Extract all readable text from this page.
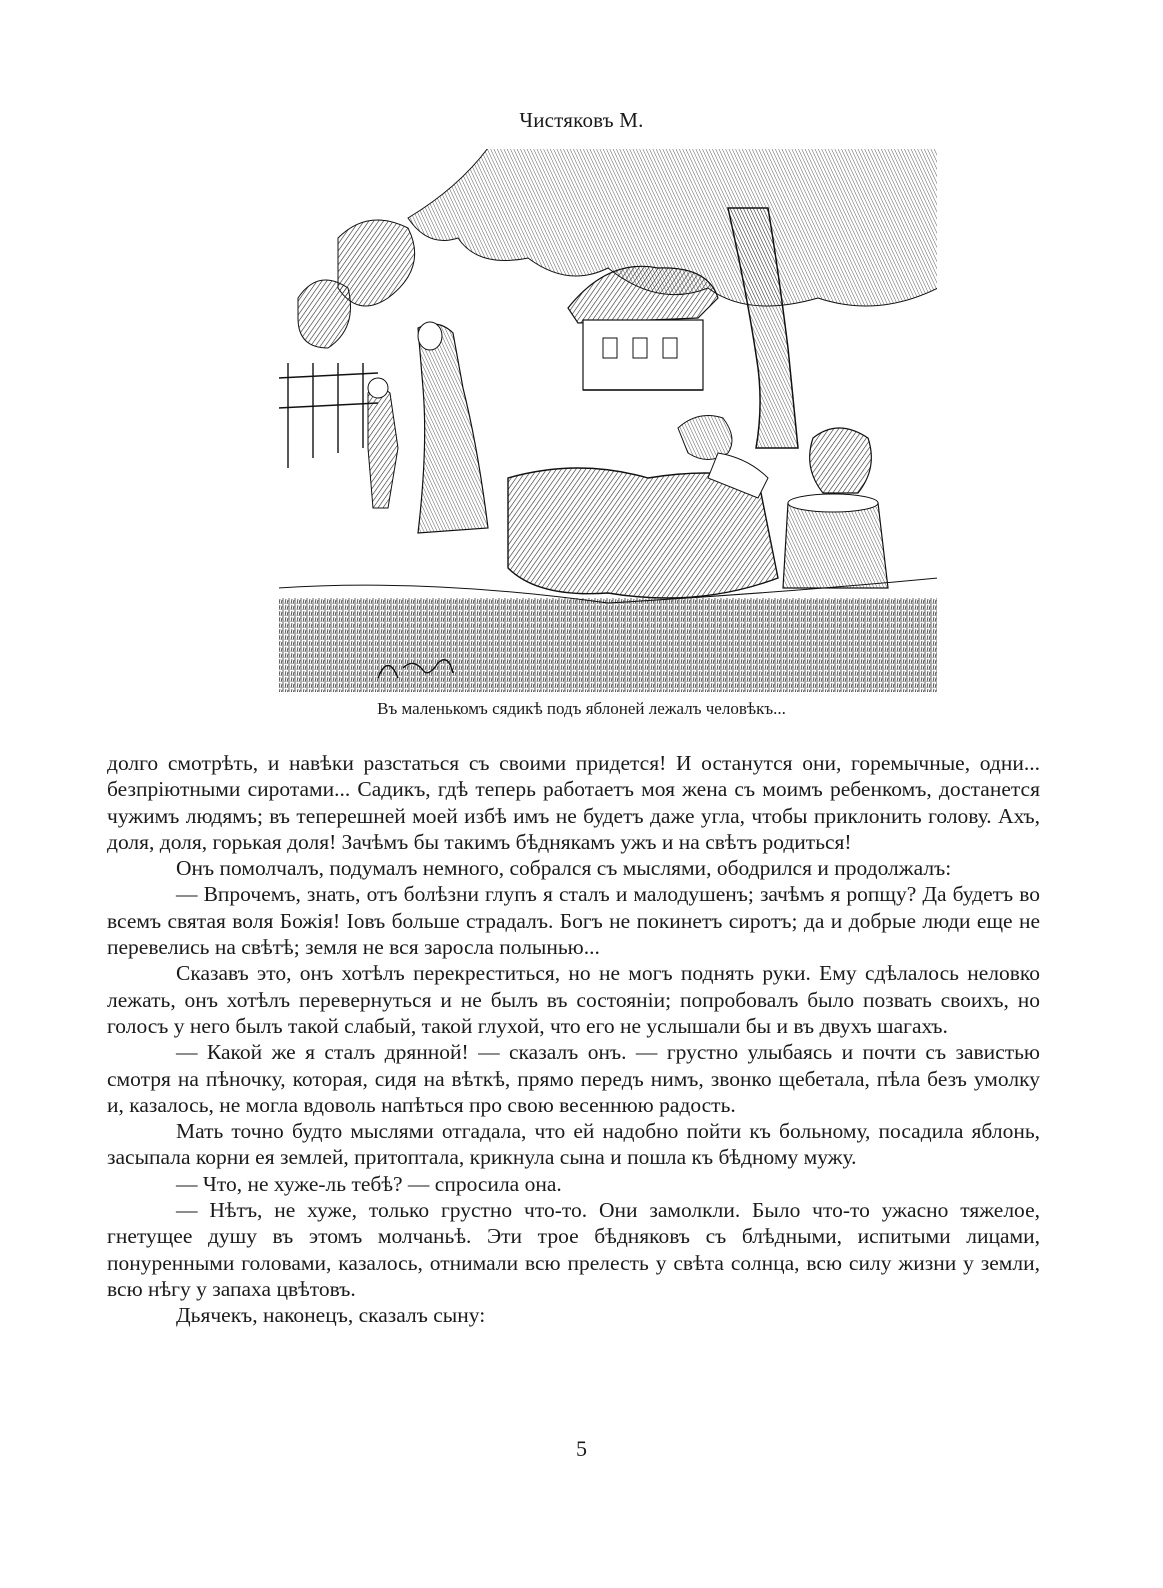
Чистяковъ М.
Въ маленькомъ сядикѣ подъ яблоней лежалъ человѣкъ...

долго смотрѣть, и навѣки разстаться съ своими придется! И останутся они, горемычные, одни... безпріютными сиротами... Садикъ, гдѣ теперь работаетъ моя жена съ моимъ ребенкомъ, достанется чужимъ людямъ; въ теперешней моей избѣ имъ не будетъ даже угла, чтобы приклонить голову. Ахъ, доля, доля, горькая доля! Зачѣмъ бы такимъ бѣднякамъ ужъ и на свѣтъ родиться!

Онъ помолчалъ, подумалъ немного, собрался съ мыслями, ободрился и продолжалъ:

— Впрочемъ, знать, отъ болѣзни глупъ я сталъ и малодушенъ; зачѣмъ я ропщу? Да будетъ во всемъ святая воля Божія! Іовъ больше страдалъ. Богъ не покинетъ сиротъ; да и добрые люди еще не перевелись на свѣтѣ; земля не вся заросла полынью...

Сказавъ это, онъ хотѣлъ перекреститься, но не могъ поднять руки. Ему сдѣлалось неловко лежать, онъ хотѣлъ перевернуться и не былъ въ состояніи; попробовалъ было позвать своихъ, но голосъ у него былъ такой слабый, такой глухой, что его не услышали бы и въ двухъ шагахъ.

— Какой же я сталъ дрянной! — сказалъ онъ. — грустно улыбаясь и почти съ завистью смотря на пѣночку, которая, сидя на вѣткѣ, прямо передъ нимъ, звонко щебетала, пѣла безъ умолку и, казалось, не могла вдоволь напѣться про свою весеннюю радость.

Мать точно будто мыслями отгадала, что ей надобно пойти къ больному, посадила яблонь, засыпала корни ея землей, притоптала, крикнула сына и пошла къ бѣдному мужу.

— Что, не хуже-ль тебѣ? — спросила она.

— Нѣтъ, не хуже, только грустно что-то. Они замолкли. Было что-то ужасно тяжелое, гнетущее душу въ этомъ молчаньѣ. Эти трое бѣдняковъ съ блѣдными, испитыми лицами, понуренными головами, казалось, отнимали всю прелесть у свѣта солнца, всю силу жизни у земли, всю нѣгу у запаха цвѣтовъ.

Дьячекъ, наконецъ, сказалъ сыну:

5
